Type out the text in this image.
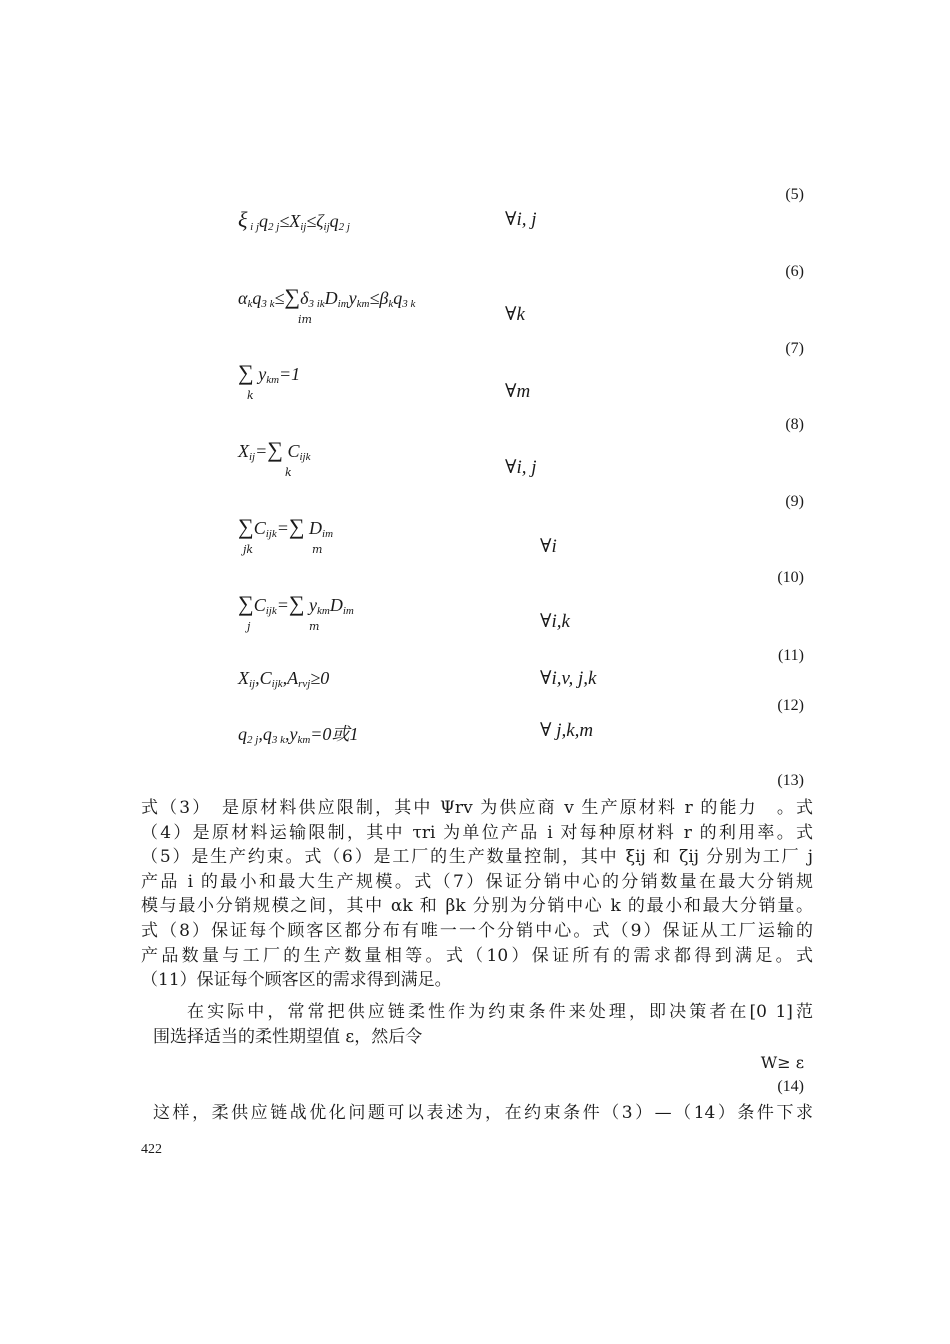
(5)
(6)
(7)
(8)
(9)
(10)
(11)
(12)
(13)
ξ $_{i j}q_{2 j}\le X_{ij}\le\zeta_{ij}q_{2 j}$	∀i, j
$\alpha_kq_{3 k}\le\sum\delta_{3 ik}D_{im}y_{km}\le\beta_kq_{3 k}$
im	∀k
∑ $y_{km}=1$
k	∀m
$X_{ij}=\sum$ $C_{ijk}$
k	∀i, j
$\sum C_{ijk}=\sum$ $D_{im}$
jk	m	∀i
$\sum C_{ijk}=\sum$ $y_{km}D_{im}$
j	m	∀i,k
$X_{ij},C_{ijk},A_{rvj}\ge 0$	∀i,v, j,k
$q_{2 j},q_{3 k},y_{km}=0$或1	∀ j,k,m
式（3）　是原材料供应限制，其中 Ψrv 为供应商 v 生产原材料 r 的能力　。式
（4）是原材料运输限制，其中 τri 为单位产品 i 对每种原材料 r 的利用率。式
（5）是生产约束。式（6）是工厂的生产数量控制，其中 ξij 和 ζij 分别为工厂 j
产品 i 的最小和最大生产规模。式（7）保证分销中心的分销数量在最大分销规
模与最小分销规模之间，其中 αk 和 βk 分别为分销中心 k 的最小和最大分销量。
式（8）保证每个顾客区都分布有唯一一个分销中心。式（9）保证从工厂运输的
产品数量与工厂的生产数量相等。式（10）保证所有的需求都得到满足。式
（11）保证每个顾客区的需求得到满足。
在实际中，常常把供应链柔性作为约束条件来处理，即决策者在[0 1]范
围选择适当的柔性期望值 ε，然后令
W≥ ε
(14)
这样，柔供应链战优化问题可以表述为，在约束条件（3）—（14）条件下求
422
